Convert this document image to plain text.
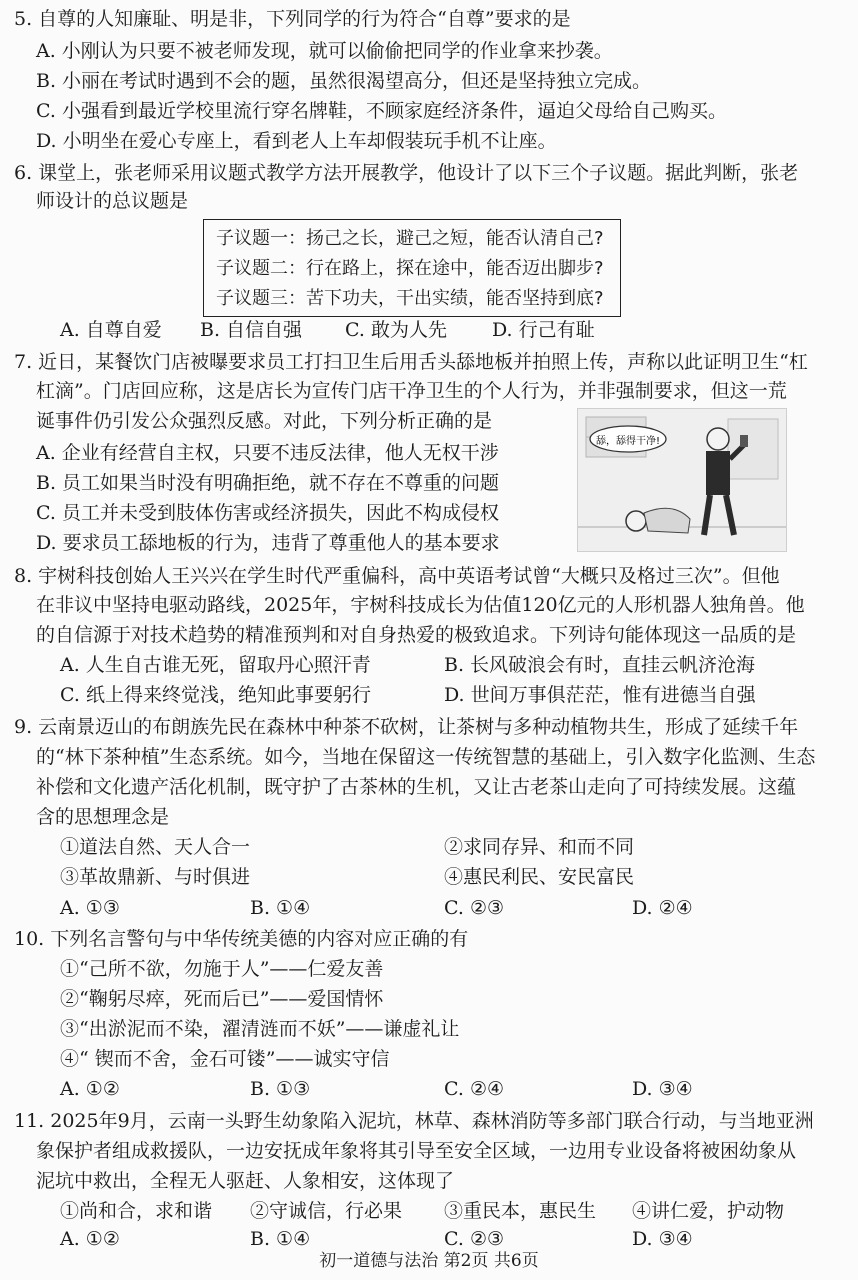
5. 自尊的人知廉耻、明是非，下列同学的行为符合“自尊”要求的是
A. 小刚认为只要不被老师发现，就可以偷偷把同学的作业拿来抄袭。
B. 小丽在考试时遇到不会的题，虽然很渴望高分，但还是坚持独立完成。
C. 小强看到最近学校里流行穿名牌鞋，不顾家庭经济条件，逼迫父母给自己购买。
D. 小明坐在爱心专座上，看到老人上车却假装玩手机不让座。
6. 课堂上，张老师采用议题式教学方法开展教学，他设计了以下三个子议题。据此判断，张老
师设计的总议题是
子议题一：扬己之长，避己之短，能否认清自己?
子议题二：行在路上，探在途中，能否迈出脚步?
子议题三：苦下功夫，干出实绩，能否坚持到底?
A. 自尊自爱 B. 自信自强 C. 敢为人先 D. 行己有耻
7. 近日，某餐饮门店被曝要求员工打扫卫生后用舌头舔地板并拍照上传，声称以此证明卫生“杠
杠滴”。门店回应称，这是店长为宣传门店干净卫生的个人行为，并非强制要求，但这一荒
诞事件仍引发公众强烈反感。对此，下列分析正确的是
A. 企业有经营自主权，只要不违反法律，他人无权干涉
B. 员工如果当时没有明确拒绝，就不存在不尊重的问题
C. 员工并未受到肢体伤害或经济损失，因此不构成侵权
D. 要求员工舔地板的行为，违背了尊重他人的基本要求
舔，舔得干净!
8. 宇树科技创始人王兴兴在学生时代严重偏科，高中英语考试曾“大概只及格过三次”。但他
在非议中坚持电驱动路线，2025年，宇树科技成长为估值120亿元的人形机器人独角兽。他
的自信源于对技术趋势的精准预判和对自身热爱的极致追求。下列诗句能体现这一品质的是
A. 人生自古谁无死，留取丹心照汗青	B. 长风破浪会有时，直挂云帆济沧海
C. 纸上得来终觉浅，绝知此事要躬行	D. 世间万事俱茫茫，惟有进德当自强
9. 云南景迈山的布朗族先民在森林中种茶不砍树，让茶树与多种动植物共生，形成了延续千年
的“林下茶种植”生态系统。如今，当地在保留这一传统智慧的基础上，引入数字化监测、生态
补偿和文化遗产活化机制，既守护了古茶林的生机，又让古老茶山走向了可持续发展。这蕴
含的思想理念是
①道法自然、天人合一	②求同存异、和而不同
③革故鼎新、与时俱进	④惠民利民、安民富民
A. ①③	B. ①④	C. ②③	D. ②④
10. 下列名言警句与中华传统美德的内容对应正确的有
①“己所不欲，勿施于人”——仁爱友善
②“鞠躬尽瘁，死而后已”——爱国情怀
③“出淤泥而不染，濯清涟而不妖”——谦虚礼让
④“ 锲而不舍，金石可镂”——诚实守信
A. ①②	B. ①③	C. ②④	D. ③④
11. 2025年9月，云南一头野生幼象陷入泥坑，林草、森林消防等多部门联合行动，与当地亚洲
象保护者组成救援队，一边安抚成年象将其引导至安全区域，一边用专业设备将被困幼象从
泥坑中救出，全程无人驱赶、人象相安，这体现了
①尚和合，求和谐 ②守诚信，行必果 ③重民本，惠民生 ④讲仁爱，护动物
A. ①②	B. ①④	C. ②③	D. ③④
初一道德与法治 第2页 共6页
